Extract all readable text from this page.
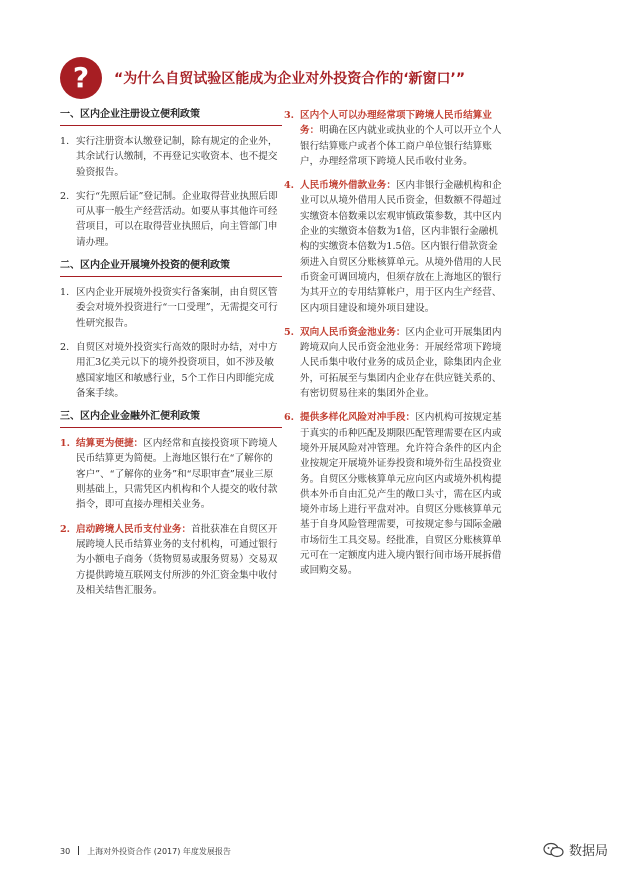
?	“为什么自贸试验区能成为企业对外投资合作的‘新窗口’”
一、区内企业注册设立便利政策
1. 实行注册资本认缴登记制，除有规定的企业外，其余试行认缴制，不再登记实收资本、也不提交验资报告。
2. 实行“先照后证”登记制。企业取得营业执照后即可从事一般生产经营活动。如要从事其他许可经营项目，可以在取得营业执照后，向主管部门申请办理。
二、区内企业开展境外投资的便利政策
1. 区内企业开展境外投资实行备案制，由自贸区管委会对境外投资进行“一口受理”，无需提交可行性研究报告。
2. 自贸区对境外投资实行高效的限时办结，对中方用汇3亿美元以下的境外投资项目，如不涉及敏感国家地区和敏感行业，5个工作日内即能完成备案手续。
三、区内企业金融外汇便利政策
1. 结算更为便捷：区内经常和直接投资项下跨境人民币结算更为简便。上海地区银行在“了解你的客户”、“了解你的业务”和“尽职审查”展业三原则基础上，只需凭区内机构和个人提交的收付款指令，即可直接办理相关业务。
2. 启动跨境人民币支付业务：首批获准在自贸区开展跨境人民币结算业务的支付机构，可通过银行为小额电子商务（货物贸易或服务贸易）交易双方提供跨境互联网支付所涉的外汇资金集中收付及相关结售汇服务。
3. 区内个人可以办理经常项下跨境人民币结算业务：明确在区内就业或执业的个人可以开立个人银行结算账户或者个体工商户单位银行结算账户，办理经常项下跨境人民币收付业务。
4. 人民币境外借款业务：区内非银行金融机构和企业可以从境外借用人民币资金，但数额不得超过实缴资本倍数乘以宏观审慎政策参数，其中区内企业的实缴资本倍数为1倍，区内非银行金融机构的实缴资本倍数为1.5倍。区内银行借款资金须进入自贸区分账核算单元。从境外借用的人民币资金可调回境内，但须存放在上海地区的银行为其开立的专用结算帐户，用于区内生产经营、区内项目建设和境外项目建设。
5. 双向人民币资金池业务：区内企业可开展集团内跨境双向人民币资金池业务：开展经常项下跨境人民币集中收付业务的成员企业，除集团内企业外，可拓展至与集团内企业存在供应链关系的、有密切贸易往来的集团外企业。
6. 提供多样化风险对冲手段：区内机构可按规定基于真实的币种匹配及期限匹配管理需要在区内或境外开展风险对冲管理。允许符合条件的区内企业按规定开展境外证券投资和境外衍生品投资业务。自贸区分账核算单元应向区内或境外机构提供本外币自由汇兑产生的敞口头寸，需在区内或境外市场上进行平盘对冲。自贸区分账核算单元基于自身风险管理需要，可按规定参与国际金融市场衍生工具交易。经批准，自贸区分账核算单元可在一定额度内进入境内银行间市场开展拆借或回购交易。
30 上海对外投资合作 (2017) 年度发展报告	数据局
